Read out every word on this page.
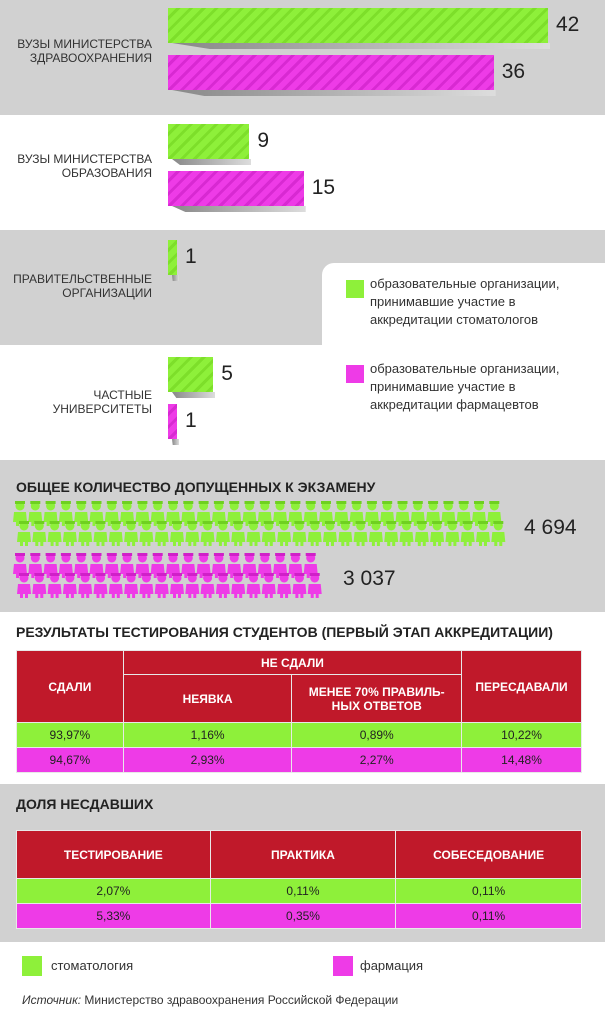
ВУЗЫ МИНИСТЕРСТВА ЗДРАВООХРАНЕНИЯ
ВУЗЫ МИНИСТЕРСТВА ОБРАЗОВАНИЯ
ПРАВИТЕЛЬСТВЕННЫЕ ОРГАНИЗАЦИИ
ЧАСТНЫЕ УНИВЕРСИТЕТЫ
42
36
9
15
1
5
1
образовательные организации, принимавшие участие в аккредитации стоматологов
образовательные организации, принимавшие участие в аккредитации фармацевтов
ОБЩЕЕ КОЛИЧЕСТВО ДОПУЩЕННЫХ К ЭКЗАМЕНУ
4 694
3 037
РЕЗУЛЬТАТЫ ТЕСТИРОВАНИЯ СТУДЕНТОВ (ПЕРВЫЙ ЭТАП АККРЕДИТАЦИИ)
СДАЛИ	НЕ СДАЛИ		ПЕРЕСДАВАЛИ
	НЕЯВКА	МЕНЕЕ 70% ПРАВИЛЬ-НЫХ ОТВЕТОВ	
93,97%	1,16%	0,89%	10,22%
94,67%	2,93%	2,27%	14,48%
ДОЛЯ НЕСДАВШИХ
ТЕСТИРОВАНИЕ	ПРАКТИКА	СОБЕСЕДОВАНИЕ
2,07%	0,11%	0,11%
5,33%	0,35%	0,11%
стоматология	фармация
Источник: Министерство здравоохранения Российской Федерации
